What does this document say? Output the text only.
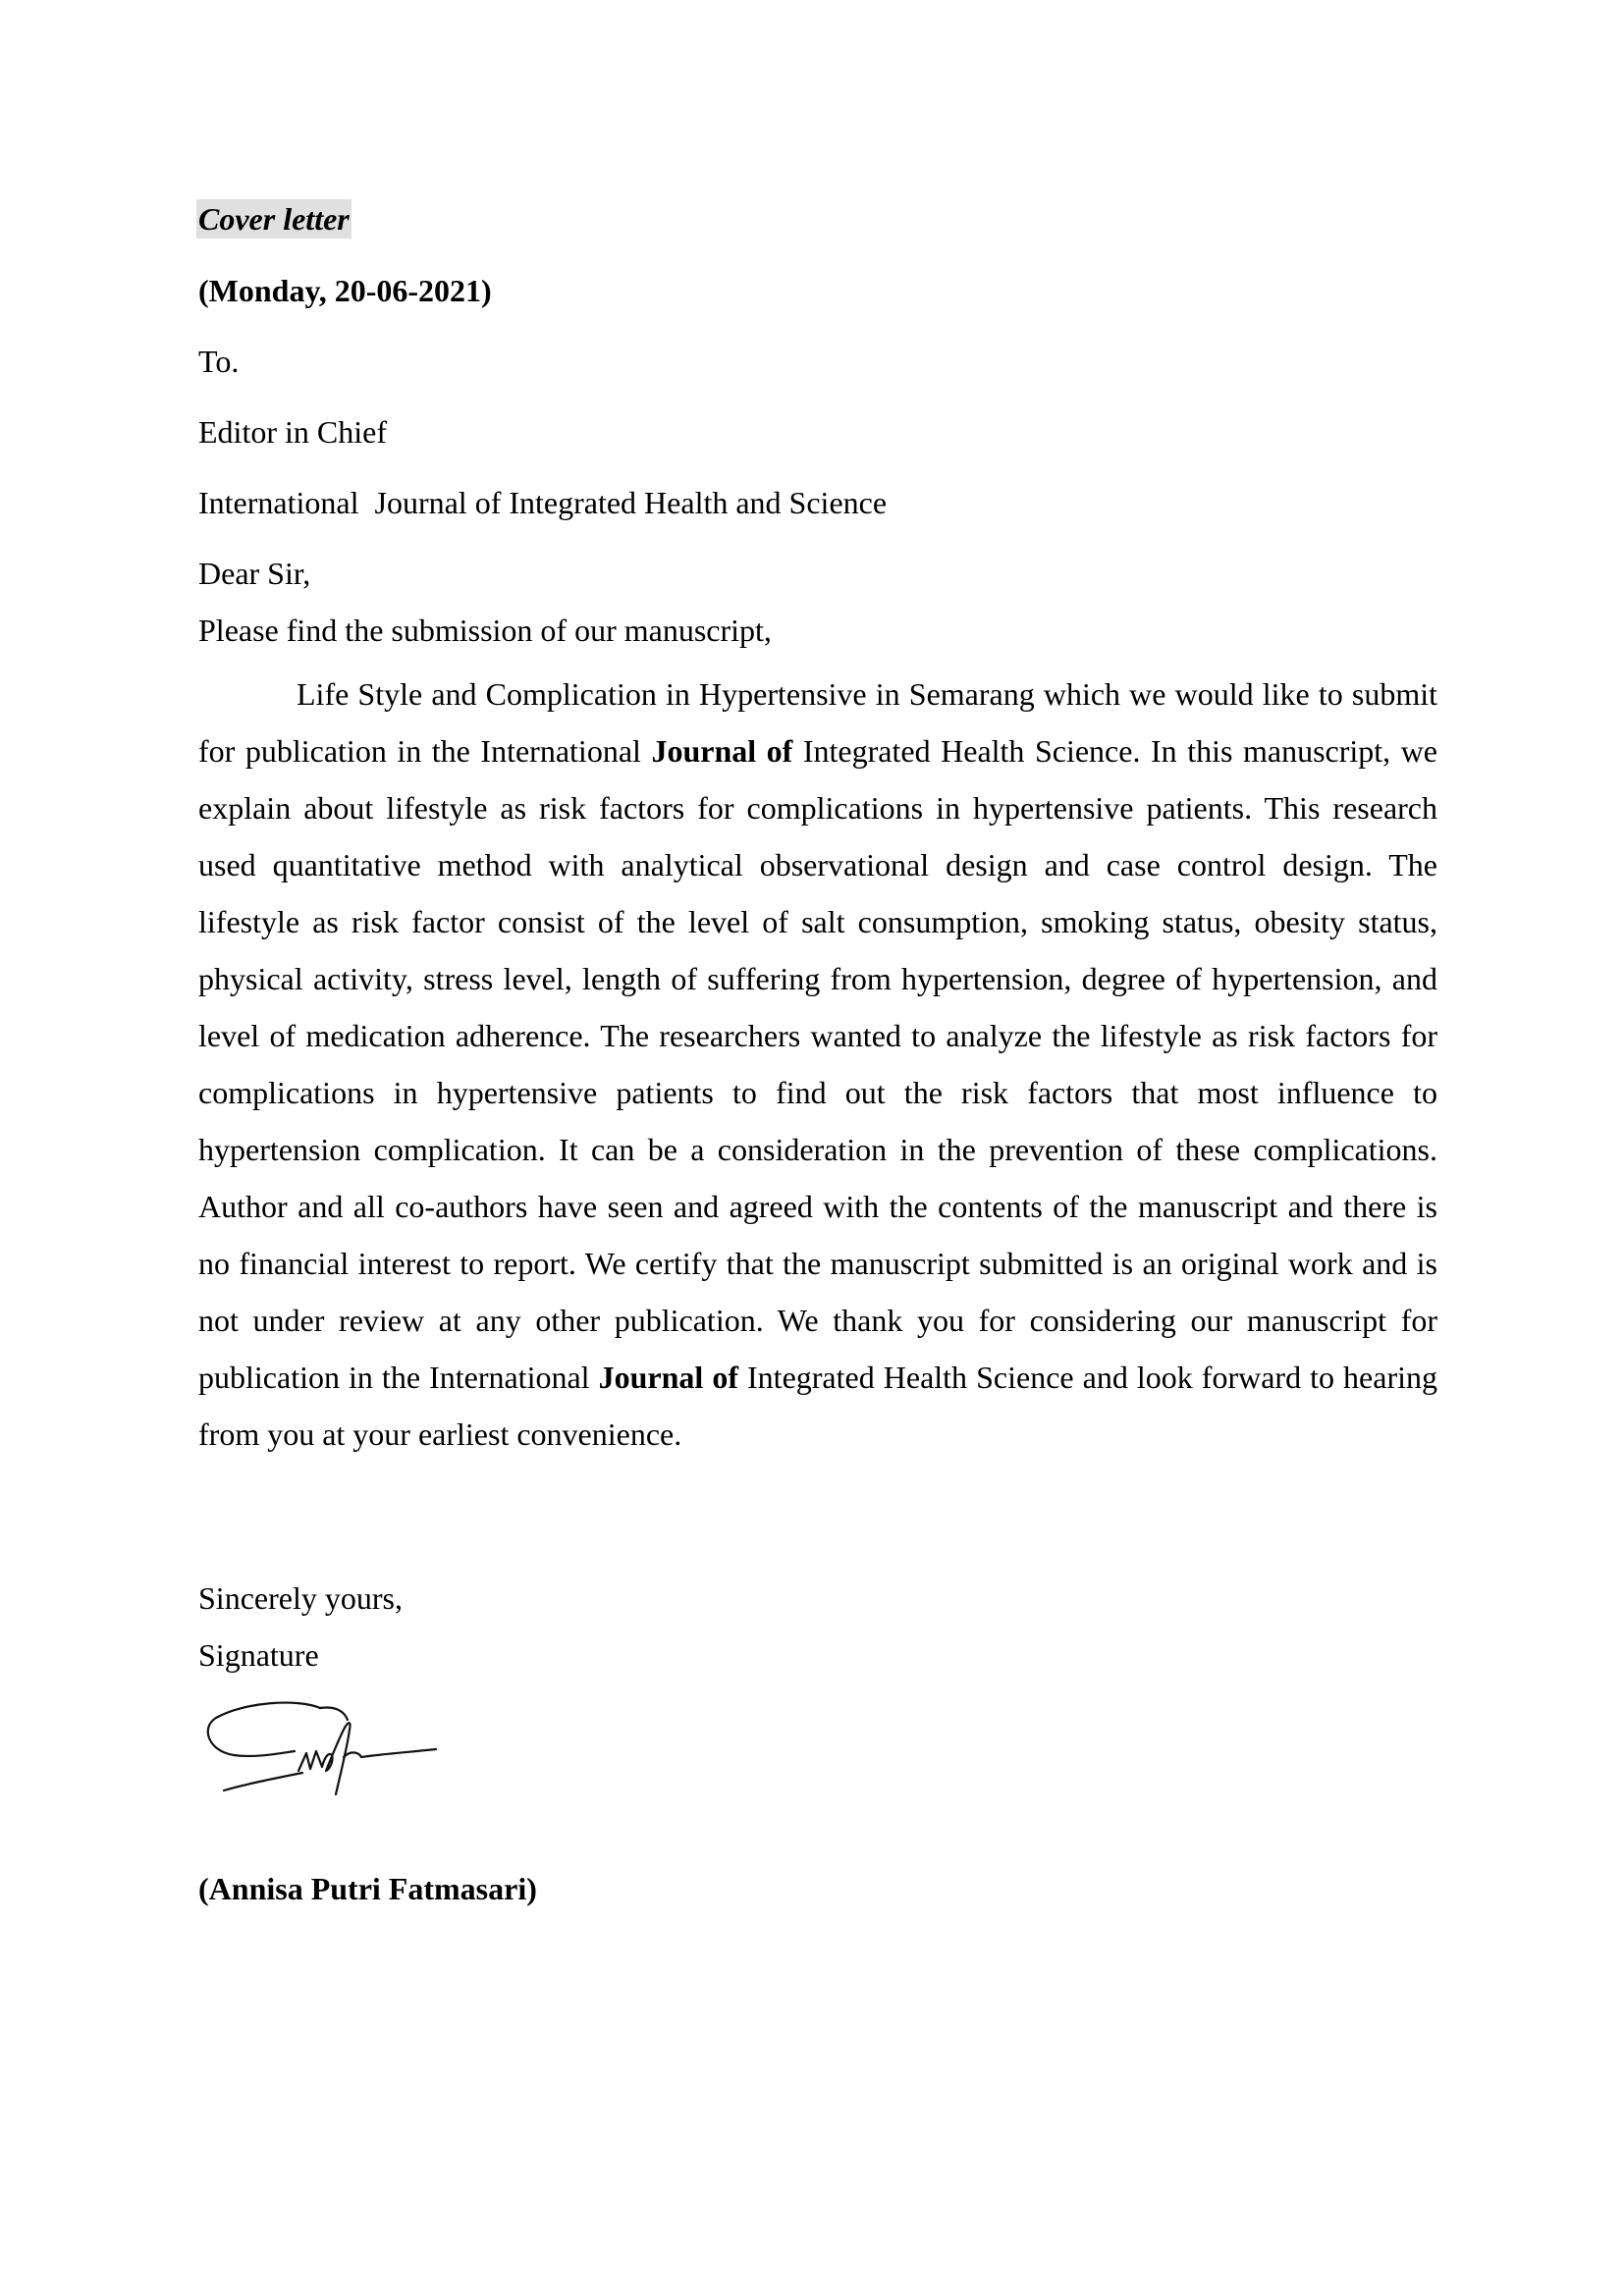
Cover letter
(Monday, 20-06-2021)
To.
Editor in Chief
International  Journal of Integrated Health and Science
Dear Sir,
Please find the submission of our manuscript,

Life Style and Complication in Hypertensive in Semarang which we would like to submit for publication in the International Journal of Integrated Health Science. In this manuscript, we explain about lifestyle as risk factors for complications in hypertensive patients. This research used quantitative method with analytical observational design and case control design. The lifestyle as risk factor consist of the level of salt consumption, smoking status, obesity status, physical activity, stress level, length of suffering from hypertension, degree of hypertension, and level of medication adherence. The researchers wanted to analyze the lifestyle as risk factors for complications in hypertensive patients to find out the risk factors that most influence to hypertension complication. It can be a consideration in the prevention of these complications. Author and all co-authors have seen and agreed with the contents of the manuscript and there is no financial interest to report. We certify that the manuscript submitted is an original work and is not under review at any other publication. We thank you for considering our manuscript for publication in the International Journal of Integrated Health Science and look forward to hearing from you at your earliest convenience.

Sincerely yours,
Signature
(Annisa Putri Fatmasari)
